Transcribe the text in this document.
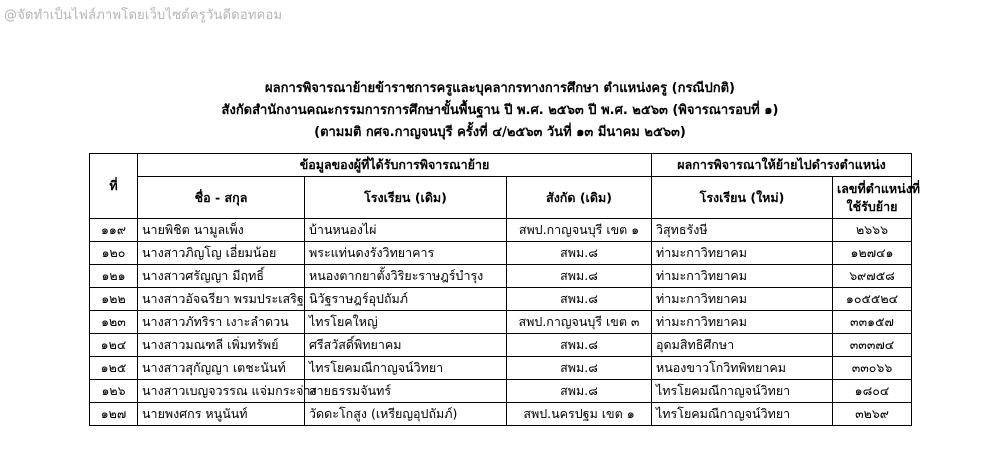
@จัดทำเป็นไฟล์ภาพโดยเว็บไซต์ครูวันดีดอทคอม
ผลการพิจารณาย้ายข้าราชการครูและบุคลากรทางการศึกษา ตำแหน่งครู (กรณีปกติ)
สังกัดสำนักงานคณะกรรมการการศึกษาขั้นพื้นฐาน ปี พ.ศ. ๒๕๖๓ ปี พ.ศ. ๒๕๖๓ (พิจารณารอบที่ ๑)
(ตามมติ กศจ.กาญจนบุรี ครั้งที่ ๔/๒๕๖๓ วันที่ ๑๓ มีนาคม ๒๕๖๓)
ที่	ข้อมูลของผู้ที่ได้รับการพิจารณาย้าย			ผลการพิจารณาให้ย้ายไปดำรงตำแหน่ง	
	ชื่อ - สกุล	โรงเรียน (เดิม)	สังกัด (เดิม)	โรงเรียน (ใหม่)	เลขที่ตำแหน่งที่
ใช้รับย้าย

๑๑๙	นายพิชิต นามูลเพ็ง	บ้านหนองไผ่	สพป.กาญจนบุรี เขต ๑	วิสุทธรังษี	๒๖๖๖
๑๒๐	นางสาวภิญโญ เอี่ยมน้อย	พระแท่นดงรังวิทยาคาร	สพม.๘	ท่ามะกาวิทยาคม	๑๒๗๔๑
๑๒๑	นางสาวศรัญญา มีฤทธิ์	หนองตากยาตั้งวิริยะราษฎร์บำรุง	สพม.๘	ท่ามะกาวิทยาคม	๖๙๗๕๘
๑๒๒	นางสาวอัจฉรียา พรมประเสริฐ	นิวัฐราษฎร์อุปถัมภ์	สพม.๘	ท่ามะกาวิทยาคม	๑๐๕๕๒๔
๑๒๓	นางสาวภัทริรา เงาะลำดวน	ไทรโยคใหญ่	สพป.กาญจนบุรี เขต ๓	ท่ามะกาวิทยาคม	๓๓๑๕๗
๑๒๔	นางสาวมณฑลี เพิ่มทรัพย์	ศรีสวัสดิ์พิทยาคม	สพม.๘	อุดมสิทธิศึกษา	๓๓๓๗๔
๑๒๕	นางสาวสุกัญญา เตชะนันท์	ไทรโยคมณีกาญจน์วิทยา	สพม.๘	หนองขาวโกวิทพิทยาคม	๓๓๐๖๖
๑๒๖	นางสาวเบญจวรรณ แจ่มกระจ่าง	สายธรรมจันทร์	สพม.๘	ไทรโยคมณีกาญจน์วิทยา	๑๘๐๔
๑๒๗	นายพงศกร หนูนันท์	วัดดะโกสูง (เหรียญอุปถัมภ์)	สพป.นครปฐม เขต ๑	ไทรโยคมณีกาญจน์วิทยา	๓๒๖๙
